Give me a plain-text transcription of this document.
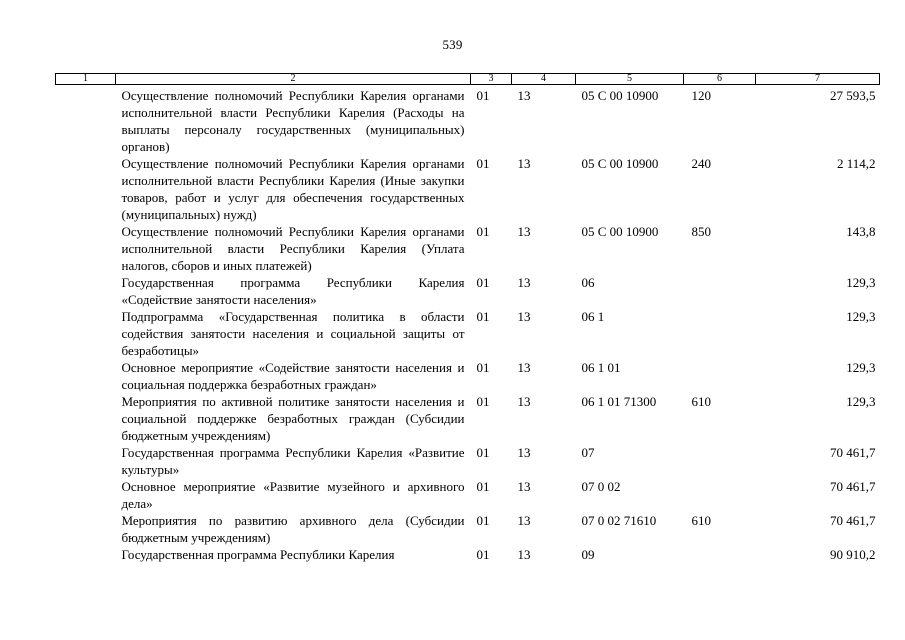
539
1	2	3	4	5	6	7
	Осуществление полномочий Республики Карелия органами исполнительной власти Республики Карелия (Расходы на выплаты персоналу государственных (муниципальных) органов)	01	13	05 С 00 10900	120	27 593,5
	Осуществление полномочий Республики Карелия органами исполнительной власти Республики Карелия (Иные закупки товаров, работ и услуг для обеспечения государственных (муниципальных) нужд)	01	13	05 С 00 10900	240	2 114,2
	Осуществление полномочий Республики Карелия органами исполнительной власти Республики Карелия (Уплата налогов, сборов и иных платежей)	01	13	05 С 00 10900	850	143,8
	Государственная программа Республики Карелия «Содействие занятости населения»	01	13	06		129,3
	Подпрограмма «Государственная политика в области содействия занятости населения и социальной защиты от безработицы»	01	13	06 1		129,3
	Основное мероприятие «Содействие занятости населения и социальная поддержка безработных граждан»	01	13	06 1 01		129,3
	Мероприятия по активной политике занятости населения и социальной поддержке безработных граждан (Субсидии бюджетным учреждениям)	01	13	06 1 01 71300	610	129,3
	Государственная программа Республики Карелия «Развитие культуры»	01	13	07		70 461,7
	Основное мероприятие «Развитие музейного и архивного дела»	01	13	07 0 02		70 461,7
	Мероприятия по развитию архивного дела (Субсидии бюджетным учреждениям)	01	13	07 0 02 71610	610	70 461,7
	Государственная программа Республики Карелия	01	13	09		90 910,2
